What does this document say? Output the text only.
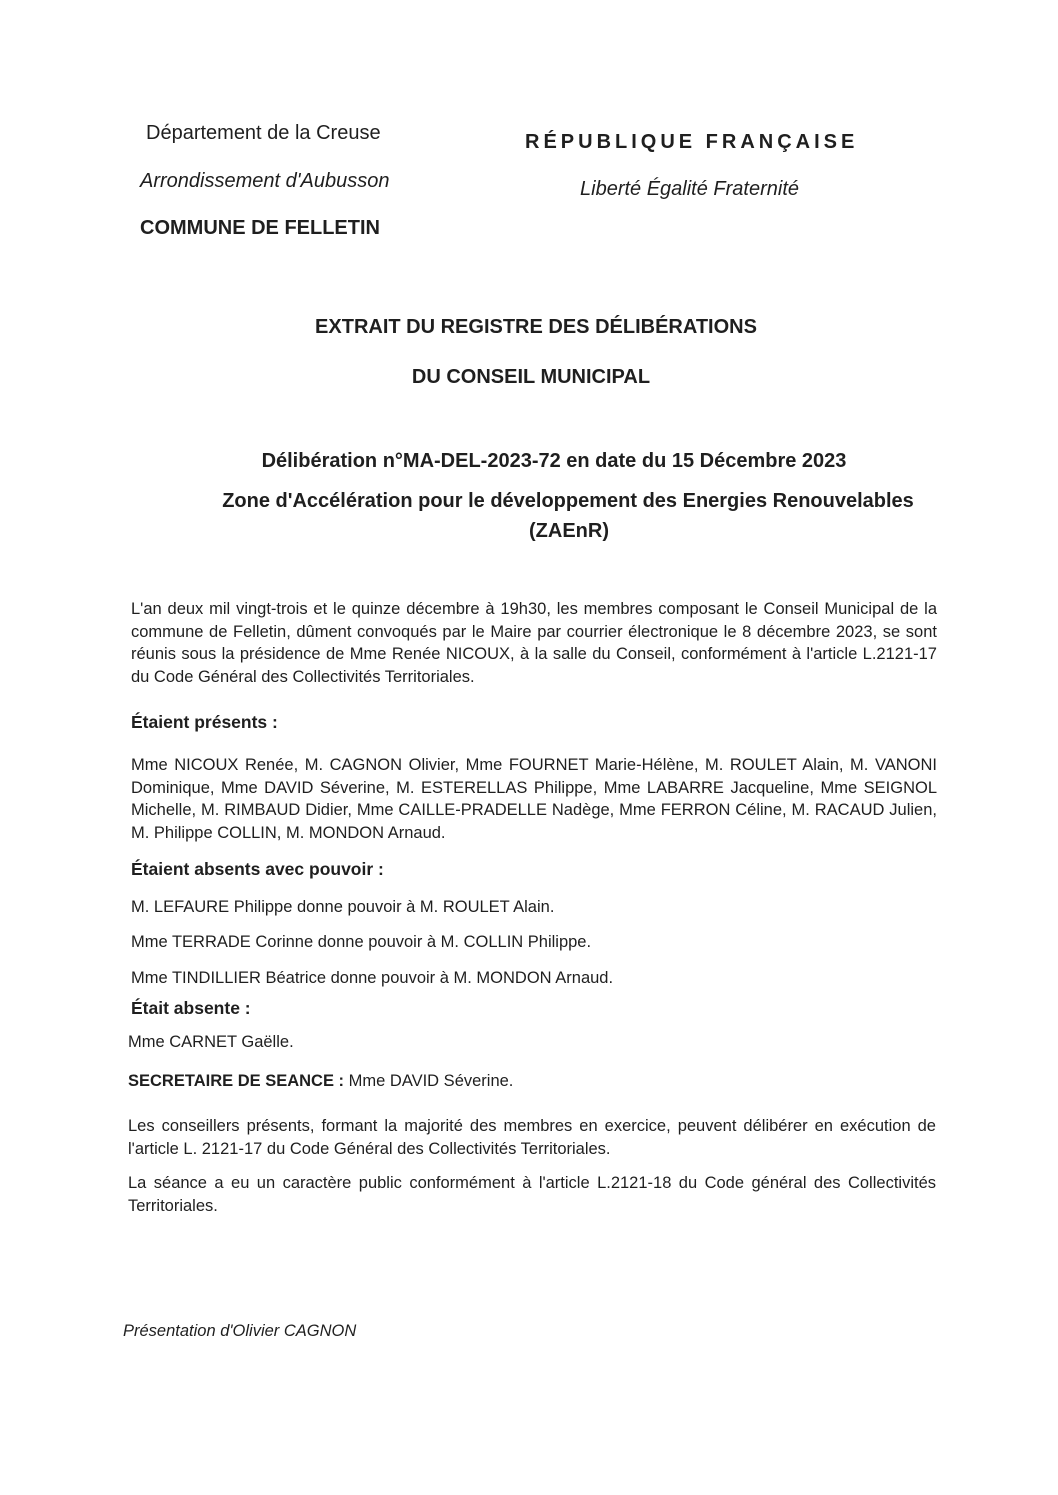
Département de la Creuse
Arrondissement d'Aubusson
COMMUNE DE FELLETIN
RÉPUBLIQUE FRANÇAISE
Liberté Égalité Fraternité
EXTRAIT DU REGISTRE DES DÉLIBÉRATIONS
DU CONSEIL MUNICIPAL
Délibération n°MA-DEL-2023-72 en date du 15 Décembre 2023
Zone d'Accélération pour le développement des Energies Renouvelables
(ZAEnR)
L'an deux mil vingt-trois et le quinze décembre à 19h30, les membres composant le Conseil Municipal de la commune de Felletin, dûment convoqués par le Maire par courrier électronique le 8 décembre 2023, se sont réunis sous la présidence de Mme Renée NICOUX, à la salle du Conseil, conformément à l'article L.2121-17 du Code Général des Collectivités Territoriales.
Étaient présents :
Mme NICOUX Renée, M. CAGNON Olivier, Mme FOURNET Marie-Hélène, M. ROULET Alain, M. VANONI Dominique, Mme DAVID Séverine, M. ESTERELLAS Philippe, Mme LABARRE Jacqueline, Mme SEIGNOL Michelle, M. RIMBAUD Didier, Mme CAILLE-PRADELLE Nadège, Mme FERRON Céline, M. RACAUD Julien, M. Philippe COLLIN, M. MONDON Arnaud.
Étaient absents avec pouvoir :
M. LEFAURE Philippe donne pouvoir à M. ROULET Alain.
Mme TERRADE Corinne donne pouvoir à M. COLLIN Philippe.
Mme TINDILLIER Béatrice donne pouvoir à M. MONDON Arnaud.
Était absente :
Mme CARNET Gaëlle.
SECRETAIRE DE SEANCE : Mme DAVID Séverine.
Les conseillers présents, formant la majorité des membres en exercice, peuvent délibérer en exécution de l'article L. 2121-17 du Code Général des Collectivités Territoriales.
La séance a eu un caractère public conformément à l'article L.2121-18 du Code général des Collectivités Territoriales.
Présentation d'Olivier CAGNON
